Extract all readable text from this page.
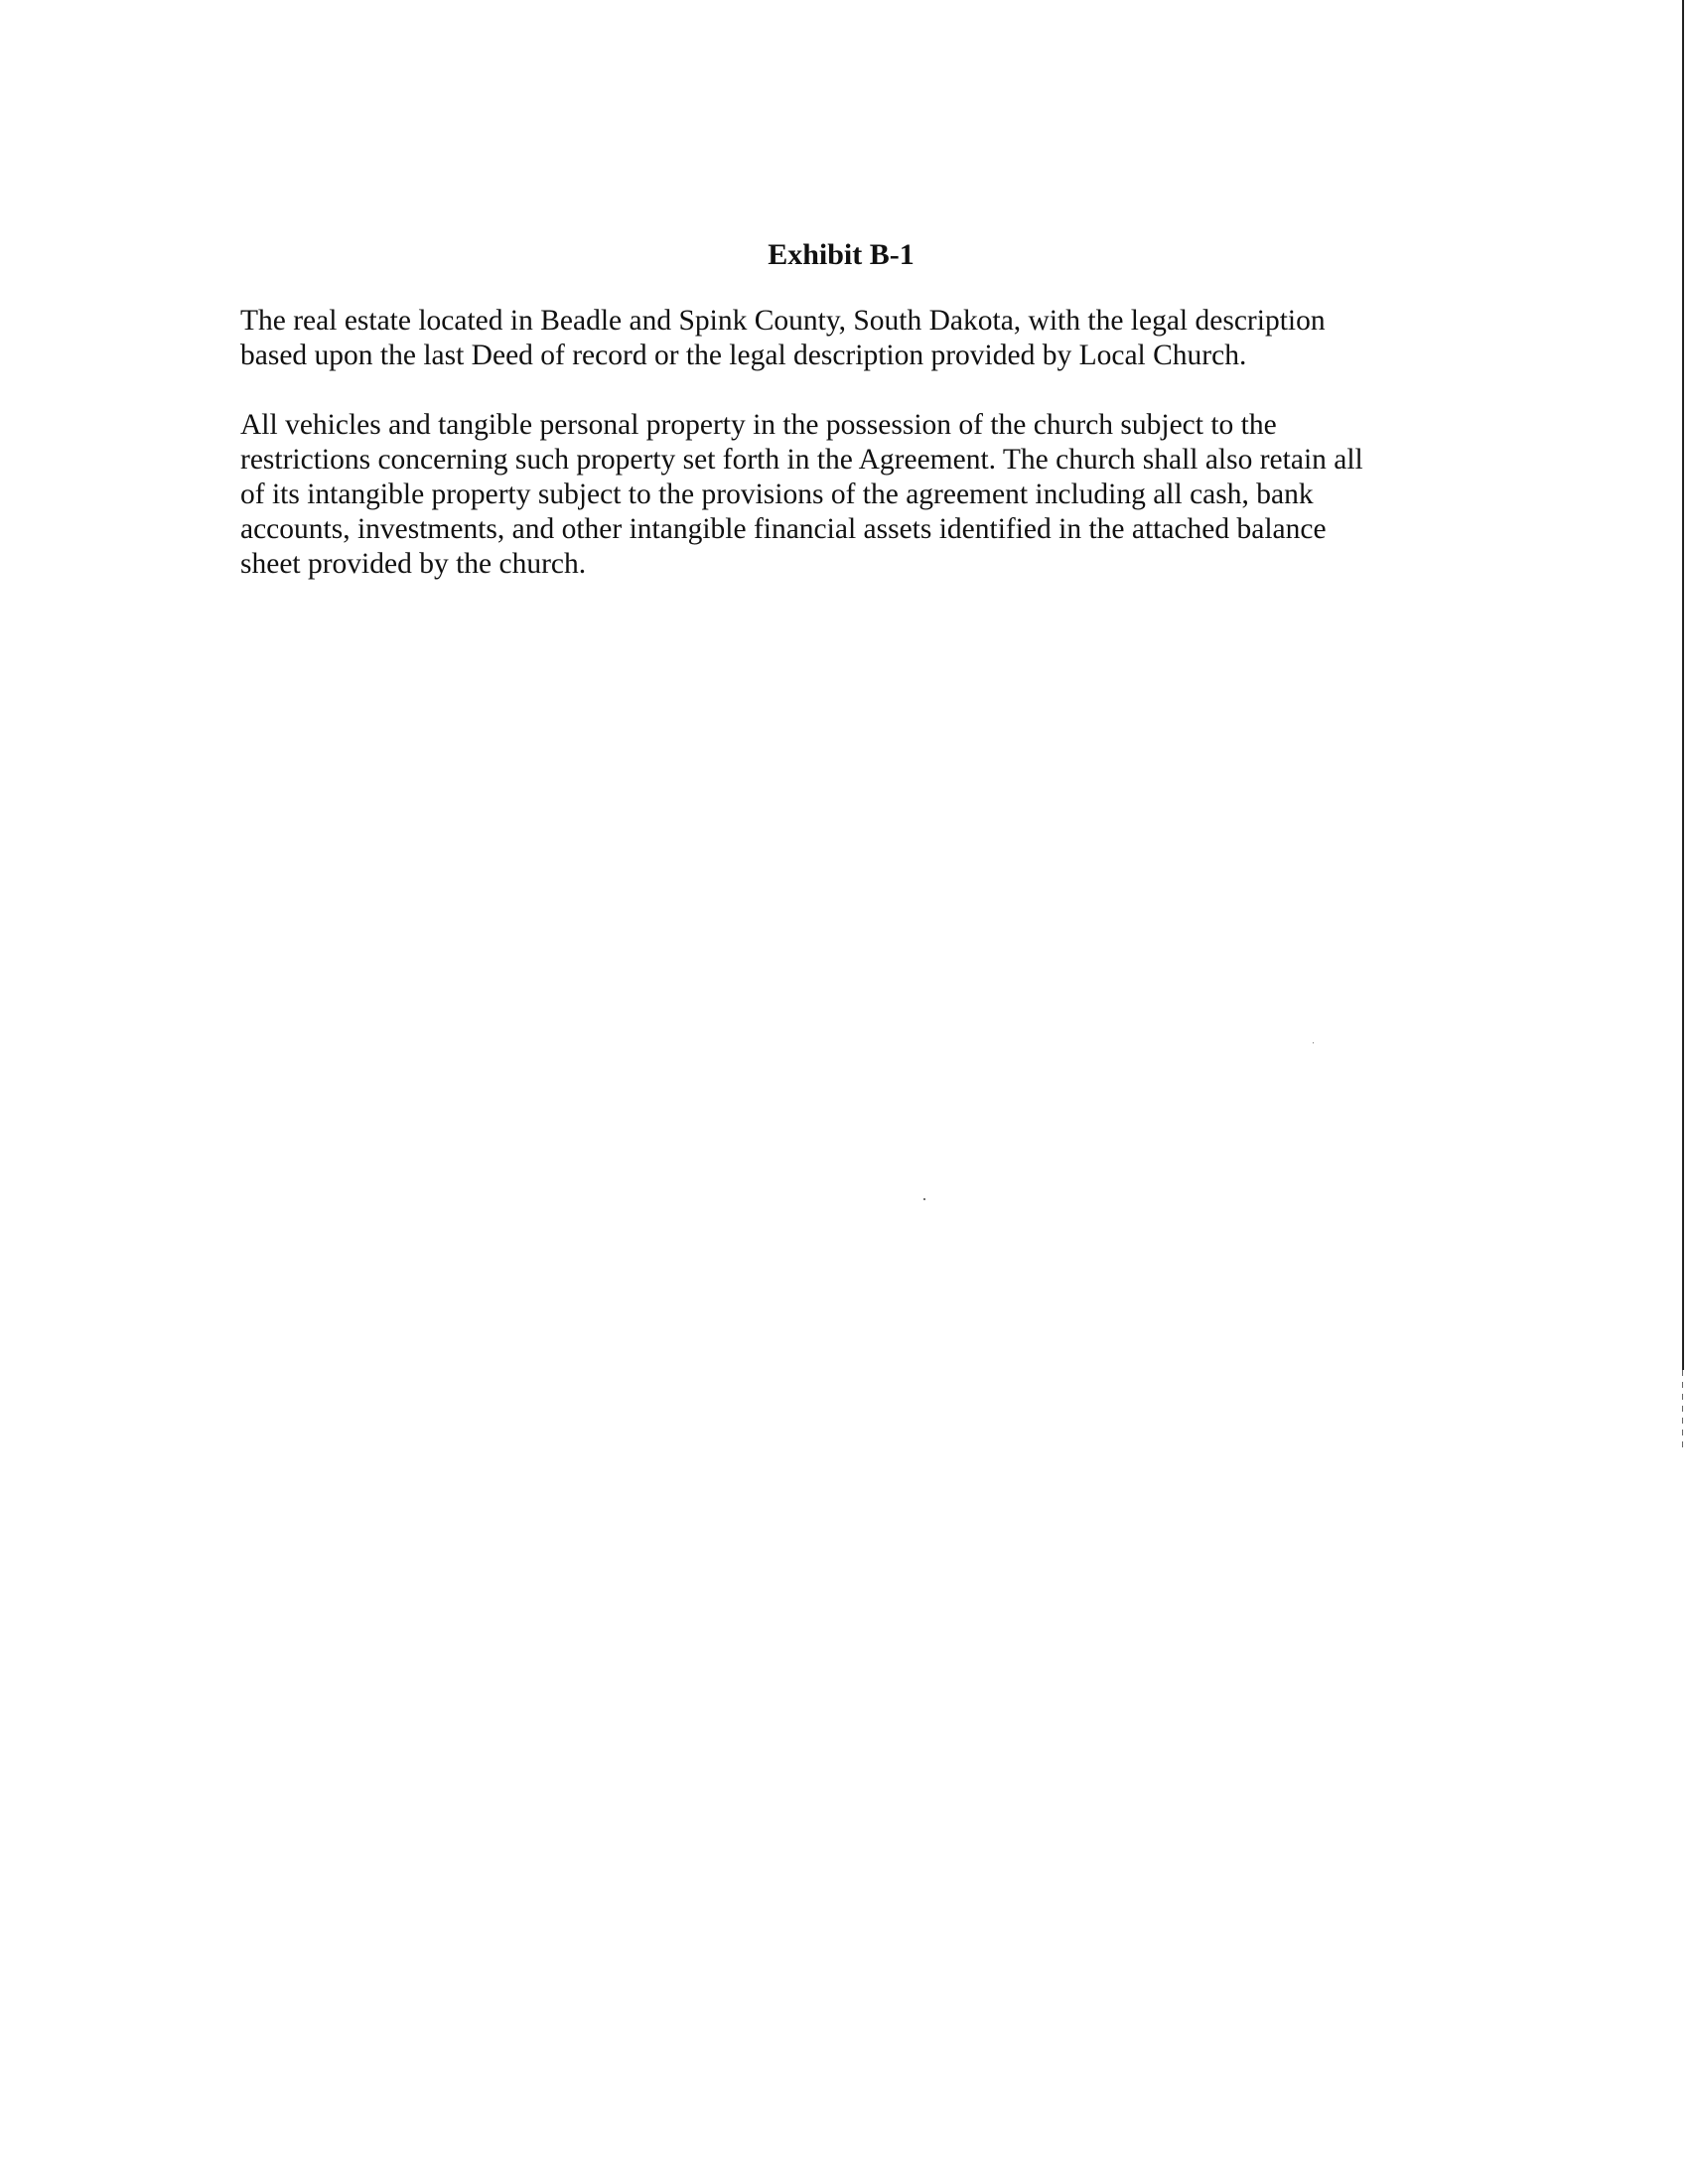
Exhibit B-1

The real estate located in Beadle and Spink County, South Dakota, with the legal description
based upon the last Deed of record or the legal description provided by Local Church.

All vehicles and tangible personal property in the possession of the church subject to the
restrictions concerning such property set forth in the Agreement. The church shall also retain all
of its intangible property subject to the provisions of the agreement including all cash, bank
accounts, investments, and other intangible financial assets identified in the attached balance
sheet provided by the church.
